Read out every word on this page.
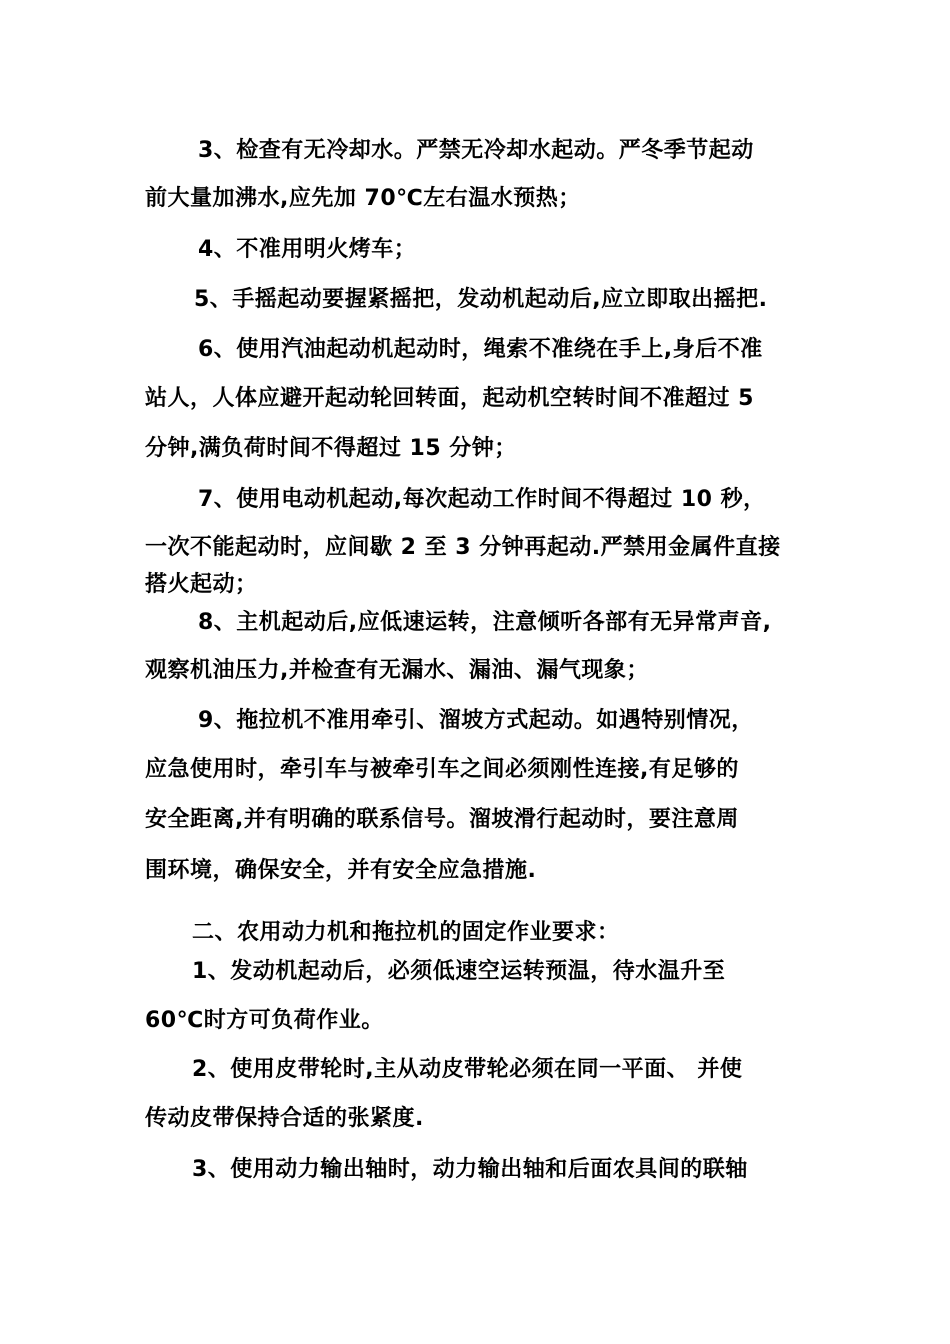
3、检查有无冷却水。严禁无冷却水起动。严冬季节起动
前大量加沸水,应先加 70℃左右温水预热；
4、不准用明火烤车；
5、手摇起动要握紧摇把，发动机起动后,应立即取出摇把.
6、使用汽油起动机起动时，绳索不准绕在手上,身后不准
站人，人体应避开起动轮回转面，起动机空转时间不准超过 5
分钟,满负荷时间不得超过 15 分钟；
7、使用电动机起动,每次起动工作时间不得超过 10 秒，
一次不能起动时，应间歇 2 至 3 分钟再起动.严禁用金属件直接
搭火起动；
8、主机起动后,应低速运转，注意倾听各部有无异常声音,
观察机油压力,并检查有无漏水、漏油、漏气现象；
9、拖拉机不准用牵引、溜坡方式起动。如遇特别情况，
应急使用时，牵引车与被牵引车之间必须刚性连接,有足够的
安全距离,并有明确的联系信号。溜坡滑行起动时，要注意周
围环境，确保安全，并有安全应急措施.
二、农用动力机和拖拉机的固定作业要求：
1、发动机起动后，必须低速空运转预温，待水温升至
60℃时方可负荷作业。
2、使用皮带轮时,主从动皮带轮必须在同一平面、 并使
传动皮带保持合适的张紧度.
3、使用动力输出轴时，动力输出轴和后面农具间的联轴
